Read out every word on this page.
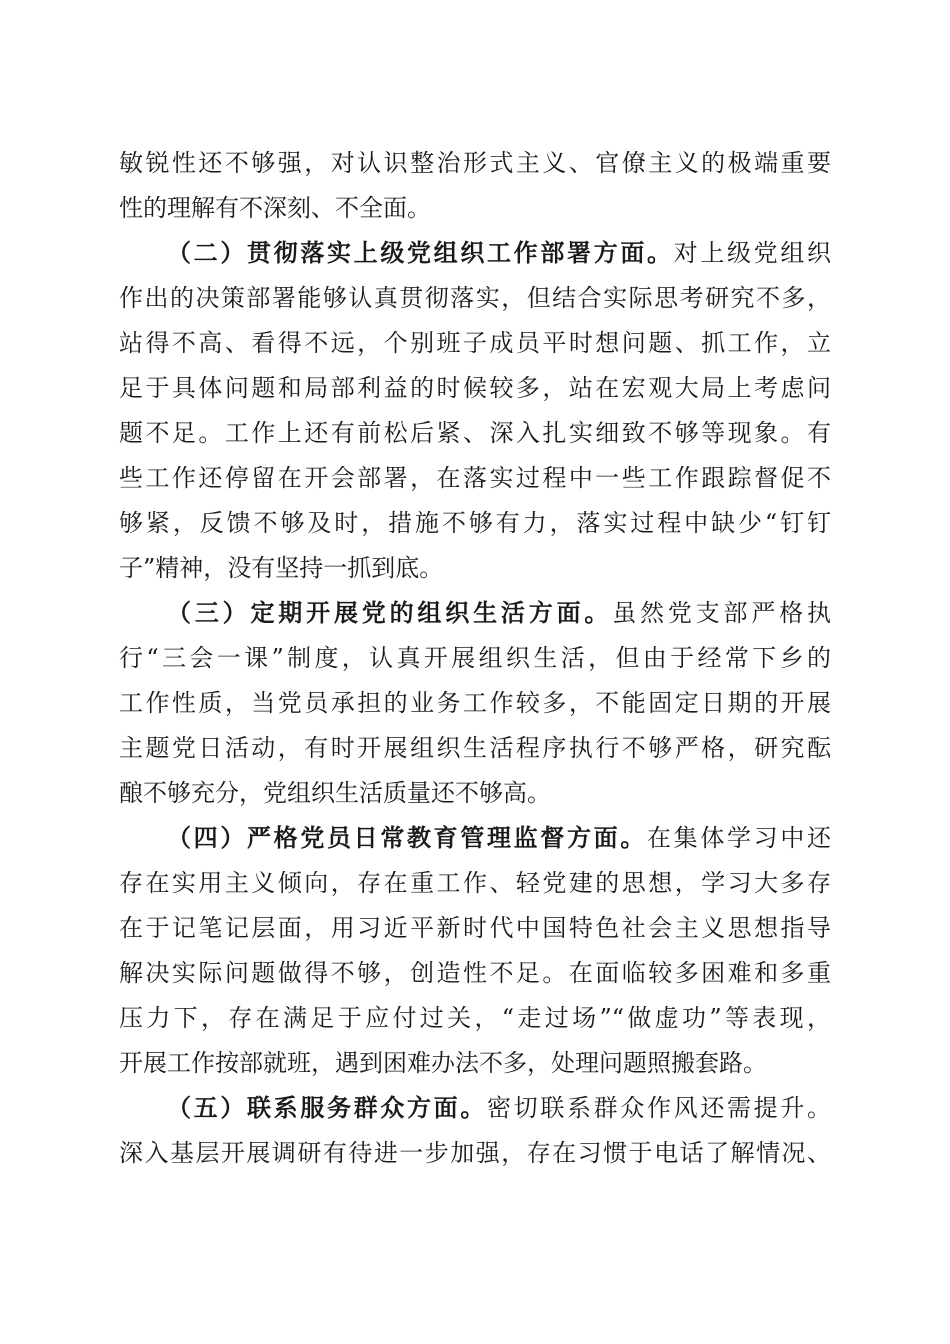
敏锐性还不够强，对认识整治形式主义、官僚主义的极端重要
性的理解有不深刻、不全面。
（二）贯彻落实上级党组织工作部署方面。对上级党组织
作出的决策部署能够认真贯彻落实，但结合实际思考研究不多，
站得不高、看得不远，个别班子成员平时想问题、抓工作，立
足于具体问题和局部利益的时候较多，站在宏观大局上考虑问
题不足。工作上还有前松后紧、深入扎实细致不够等现象。有
些工作还停留在开会部署，在落实过程中一些工作跟踪督促不
够紧，反馈不够及时，措施不够有力，落实过程中缺少“钉钉
子”精神，没有坚持一抓到底。
（三）定期开展党的组织生活方面。虽然党支部严格执
行“三会一课”制度，认真开展组织生活，但由于经常下乡的
工作性质，当党员承担的业务工作较多，不能固定日期的开展
主题党日活动，有时开展组织生活程序执行不够严格，研究酝
酿不够充分，党组织生活质量还不够高。
（四）严格党员日常教育管理监督方面。在集体学习中还
存在实用主义倾向，存在重工作、轻党建的思想，学习大多存
在于记笔记层面，用习近平新时代中国特色社会主义思想指导
解决实际问题做得不够，创造性不足。在面临较多困难和多重
压力下，存在满足于应付过关，“走过场”“做虚功”等表现，
开展工作按部就班，遇到困难办法不多，处理问题照搬套路。
（五）联系服务群众方面。密切联系群众作风还需提升。
深入基层开展调研有待进一步加强，存在习惯于电话了解情况、
